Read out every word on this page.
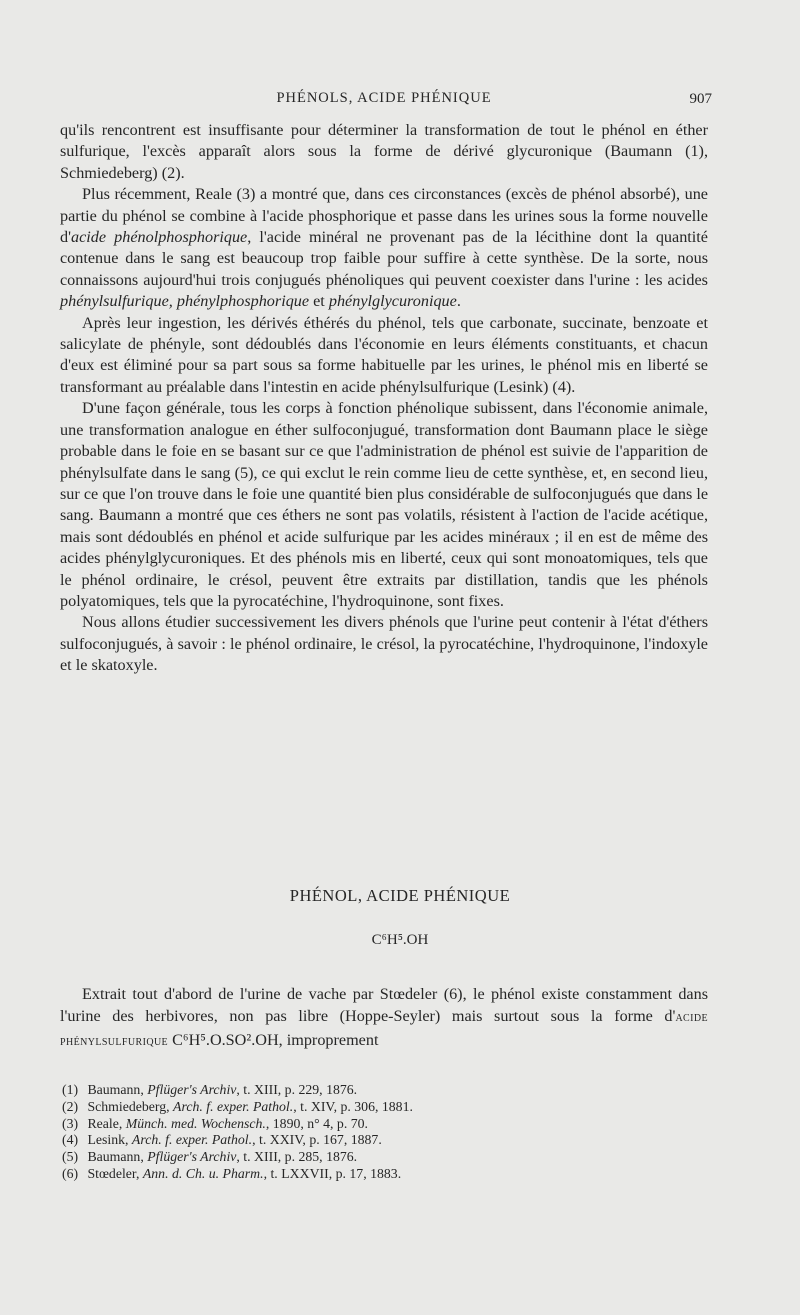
PHÉNOLS, ACIDE PHÉNIQUE	907

qu'ils rencontrent est insuffisante pour déterminer la transformation de tout le phénol en éther sulfurique, l'excès apparaît alors sous la forme de dérivé glycuronique (Baumann (1), Schmiedeberg) (2).

Plus récemment, Reale (3) a montré que, dans ces circonstances (excès de phénol absorbé), une partie du phénol se combine à l'acide phosphorique et passe dans les urines sous la forme nouvelle d'acide phénolphosphorique, l'acide minéral ne provenant pas de la lécithine dont la quantité contenue dans le sang est beaucoup trop faible pour suffire à cette synthèse. De la sorte, nous connaissons aujourd'hui trois conjugués phénoliques qui peuvent coexister dans l'urine : les acides phénylsulfurique, phénylphosphorique et phénylglycuronique.

Après leur ingestion, les dérivés éthérés du phénol, tels que carbonate, succinate, benzoate et salicylate de phényle, sont dédoublés dans l'économie en leurs éléments constituants, et chacun d'eux est éliminé pour sa part sous sa forme habituelle par les urines, le phénol mis en liberté se transformant au préalable dans l'intestin en acide phénylsulfurique (Lesink) (4).

D'une façon générale, tous les corps à fonction phénolique subissent, dans l'économie animale, une transformation analogue en éther sulfoconjugué, transformation dont Baumann place le siège probable dans le foie en se basant sur ce que l'administration de phénol est suivie de l'apparition de phénylsulfate dans le sang (5), ce qui exclut le rein comme lieu de cette synthèse, et, en second lieu, sur ce que l'on trouve dans le foie une quantité bien plus considérable de sulfoconjugués que dans le sang. Baumann a montré que ces éthers ne sont pas volatils, résistent à l'action de l'acide acétique, mais sont dédoublés en phénol et acide sulfurique par les acides minéraux ; il en est de même des acides phénylglycuroniques. Et des phénols mis en liberté, ceux qui sont monoatomiques, tels que le phénol ordinaire, le crésol, peuvent être extraits par distillation, tandis que les phénols polyatomiques, tels que la pyrocatéchine, l'hydroquinone, sont fixes.

Nous allons étudier successivement les divers phénols que l'urine peut contenir à l'état d'éthers sulfoconjugués, à savoir : le phénol ordinaire, le crésol, la pyrocatéchine, l'hydroquinone, l'indoxyle et le skatoxyle.

PHÉNOL, ACIDE PHÉNIQUE
C⁶H⁵.OH

Extrait tout d'abord de l'urine de vache par Stœdeler (6), le phénol existe constamment dans l'urine des herbivores, non pas libre (Hoppe-Seyler) mais surtout sous la forme d'acide phénylsulfurique C⁶H⁵.O.SO².OH, improprement

(1) Baumann, Pflüger's Archiv, t. XIII, p. 229, 1876.
(2) Schmiedeberg, Arch. f. exper. Pathol., t. XIV, p. 306, 1881.
(3) Reale, Münch. med. Wochensch., 1890, n° 4, p. 70.
(4) Lesink, Arch. f. exper. Pathol., t. XXIV, p. 167, 1887.
(5) Baumann, Pflüger's Archiv, t. XIII, p. 285, 1876.
(6) Stœdeler, Ann. d. Ch. u. Pharm., t. LXXVII, p. 17, 1883.
